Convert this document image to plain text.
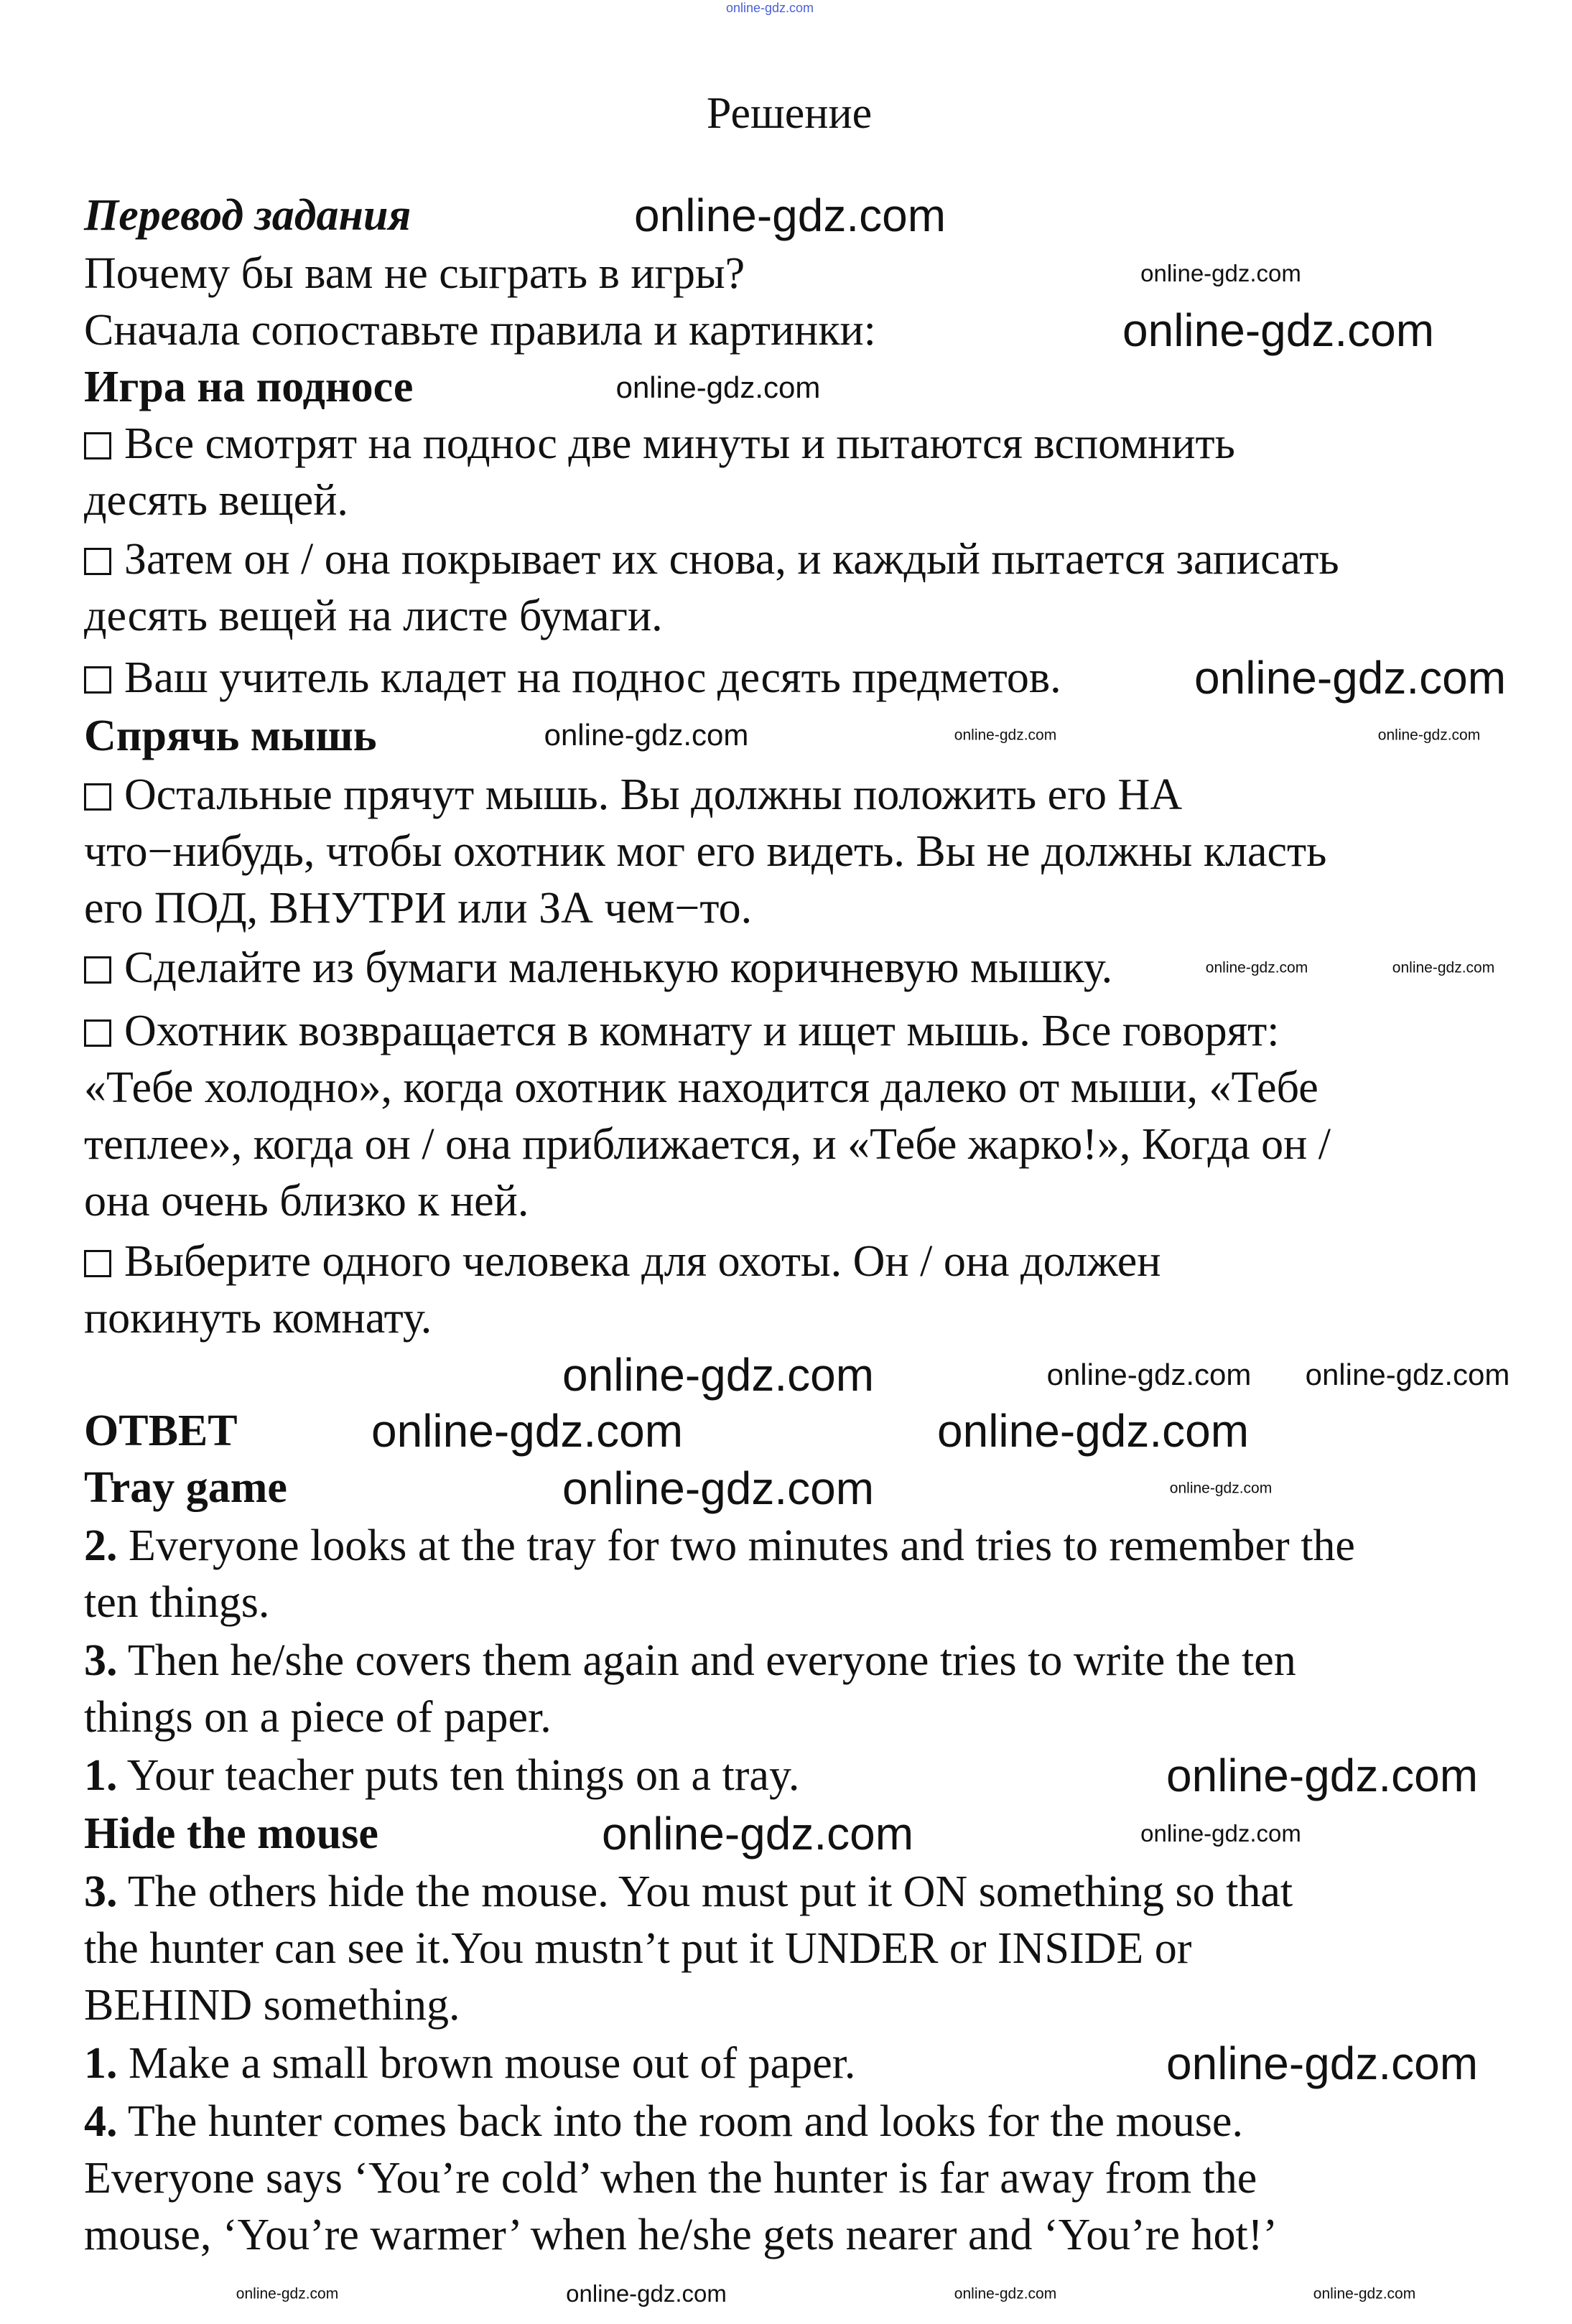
Решение

Перевод задания

Почему бы вам не сыграть в игры?

Сначала сопоставьте правила и картинки:

Игра на подносе

Все смотрят на поднос две минуты и пытаются вспомнить
десять вещей.

Затем он / она покрывает их снова, и каждый пытается записать
десять вещей на листе бумаги.

Ваш учитель кладет на поднос десять предметов.

Спрячь мышь

Остальные прячут мышь. Вы должны положить его НА
что−нибудь, чтобы охотник мог его видеть. Вы не должны класть
его ПОД, ВНУТРИ или ЗА чем−то.

Сделайте из бумаги маленькую коричневую мышку.

Охотник возвращается в комнату и ищет мышь. Все говорят:
«Тебе холодно», когда охотник находится далеко от мыши, «Тебе
теплее», когда он / она приближается, и «Тебе жарко!», Когда он /
она очень близко к ней.

Выберите одного человека для охоты. Он / она должен
покинуть комнату.

ОТВЕТ

Tray game

2. Everyone looks at the tray for two minutes and tries to remember the
ten things.

3. Then he/she covers them again and everyone tries to write the ten
things on a piece of paper.

1. Your teacher puts ten things on a tray.

Hide the mouse

3. The others hide the mouse. You must put it ON something so that
the hunter can see it.You mustn’t put it UNDER or INSIDE or
BEHIND something.

1. Make a small brown mouse out of paper.

4. The hunter comes back into the room and looks for the mouse.
Everyone says ‘You’re cold’ when the hunter is far away from the
mouse, ‘You’re warmer’ when he/she gets nearer and ‘You’re hot!’

online-gdz.com
online-gdz.com
online-gdz.com
online-gdz.com
online-gdz.com
online-gdz.com
online-gdz.com	online-gdz.com
online-gdz.com
online-gdz.com
online-gdz.com
online-gdz.com
online-gdz.com
online-gdz.com
online-gdz.com
online-gdz.com
online-gdz.com	online-gdz.com
online-gdz.com
online-gdz.com	online-gdz.com
online-gdz.com
online-gdz.com	online-gdz.com	online-gdz.com	online-gdz.com
